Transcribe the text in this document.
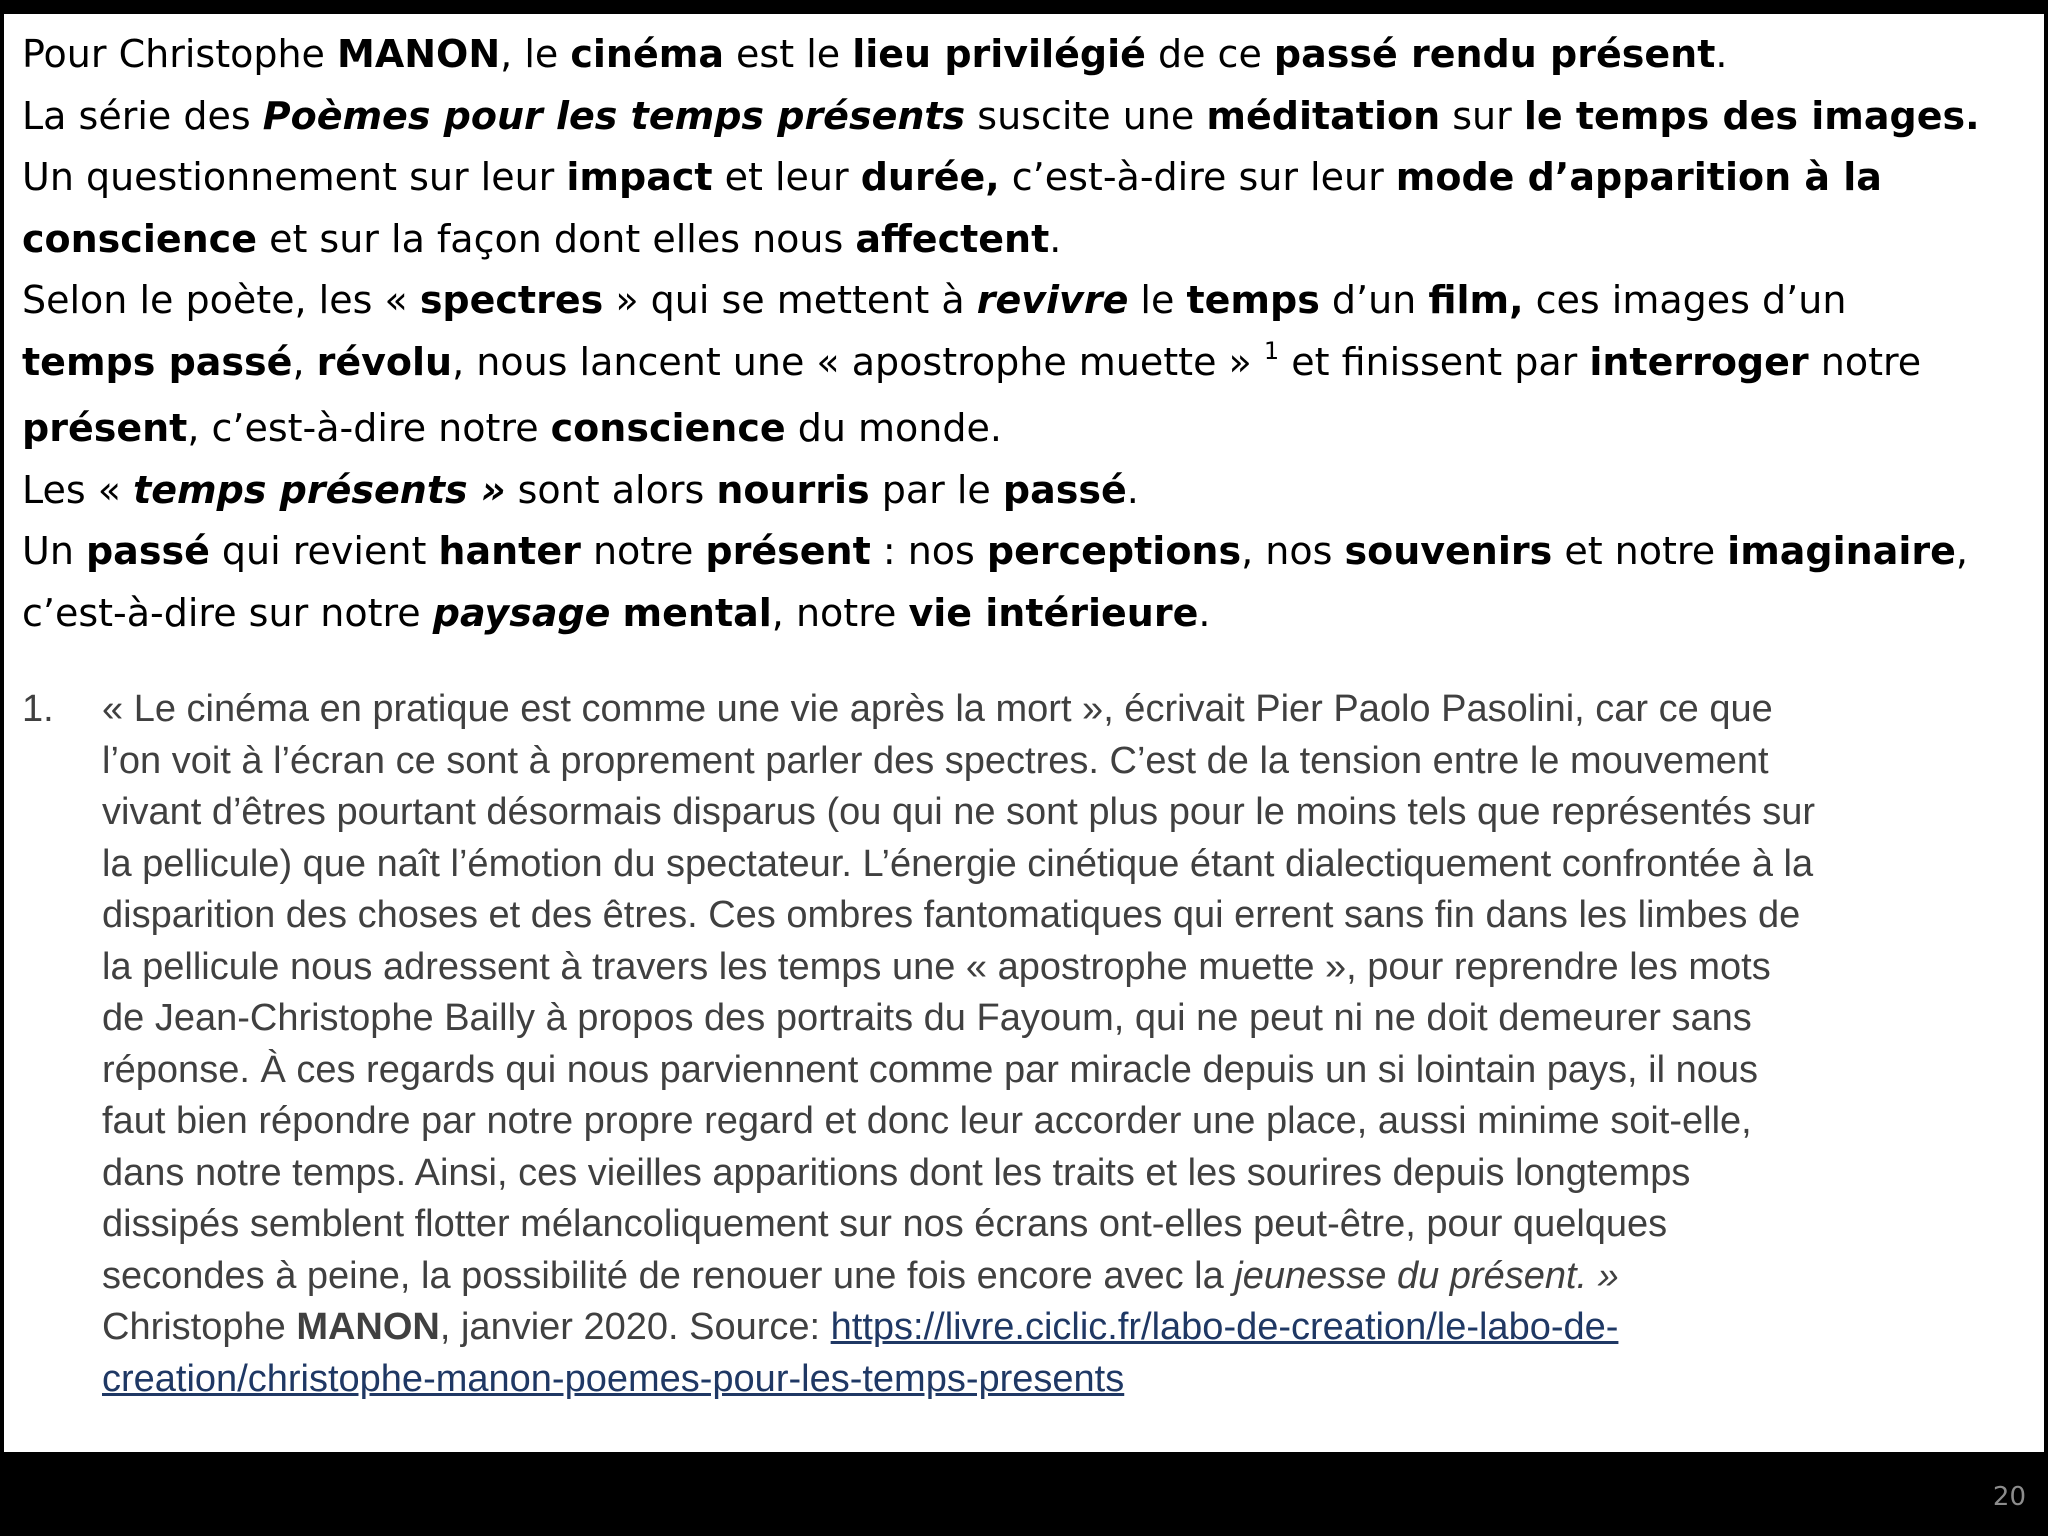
Pour Christophe MANON, le cinéma est le lieu privilégié de ce passé rendu présent.

La série des Poèmes pour les temps présents suscite une méditation sur le temps des images.

Un questionnement sur leur impact et leur durée, c’est-à-dire sur leur mode d’apparition à la

conscience et sur la façon dont elles nous affectent.

Selon le poète, les « spectres » qui se mettent à revivre le temps d’un film, ces images d’un

temps passé, révolu, nous lancent une « apostrophe muette » $^1$ et finissent par interroger notre

présent, c’est-à-dire notre conscience du monde.

Les « temps présents » sont alors nourris par le passé.

Un passé qui revient hanter notre présent : nos perceptions, nos souvenirs et notre imaginaire,

c’est-à-dire sur notre paysage mental, notre vie intérieure.

1. « Le cinéma en pratique est comme une vie après la mort », écrivait Pier Paolo Pasolini, car ce que

l’on voit à l’écran ce sont à proprement parler des spectres. C’est de la tension entre le mouvement

vivant d’êtres pourtant désormais disparus (ou qui ne sont plus pour le moins tels que représentés sur

la pellicule) que naît l’émotion du spectateur. L’énergie cinétique étant dialectiquement confrontée à la

disparition des choses et des êtres. Ces ombres fantomatiques qui errent sans fin dans les limbes de

la pellicule nous adressent à travers les temps une « apostrophe muette », pour reprendre les mots

de Jean-Christophe Bailly à propos des portraits du Fayoum, qui ne peut ni ne doit demeurer sans

réponse. À ces regards qui nous parviennent comme par miracle depuis un si lointain pays, il nous

faut bien répondre par notre propre regard et donc leur accorder une place, aussi minime soit-elle,

dans notre temps. Ainsi, ces vieilles apparitions dont les traits et les sourires depuis longtemps

dissipés semblent flotter mélancoliquement sur nos écrans ont-elles peut-être, pour quelques

secondes à peine, la possibilité de renouer une fois encore avec la jeunesse du présent. »

Christophe MANON, janvier 2020. Source: https://livre.ciclic.fr/labo-de-creation/le-labo-de-

creation/christophe-manon-poemes-pour-les-temps-presents

20
